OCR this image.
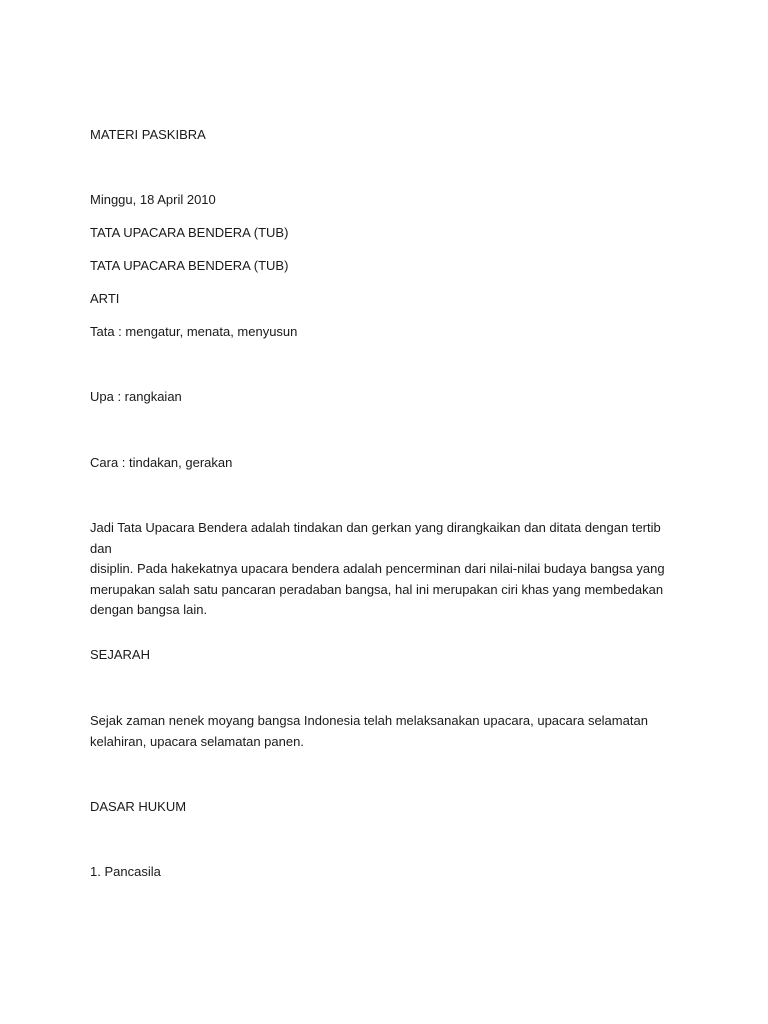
MATERI PASKIBRA

Minggu, 18 April 2010

TATA UPACARA BENDERA (TUB)

TATA UPACARA BENDERA (TUB)

ARTI

Tata : mengatur, menata, menyusun

Upa : rangkaian

Cara : tindakan, gerakan

Jadi Tata Upacara Bendera adalah tindakan dan gerkan yang dirangkaikan dan ditata dengan tertib dan
disiplin. Pada hakekatnya upacara bendera adalah pencerminan dari nilai-nilai budaya bangsa yang
merupakan salah satu pancaran peradaban bangsa, hal ini merupakan ciri khas yang membedakan
dengan bangsa lain.

SEJARAH

Sejak zaman nenek moyang bangsa Indonesia telah melaksanakan upacara, upacara selamatan
kelahiran, upacara selamatan panen.

DASAR HUKUM

1. Pancasila
